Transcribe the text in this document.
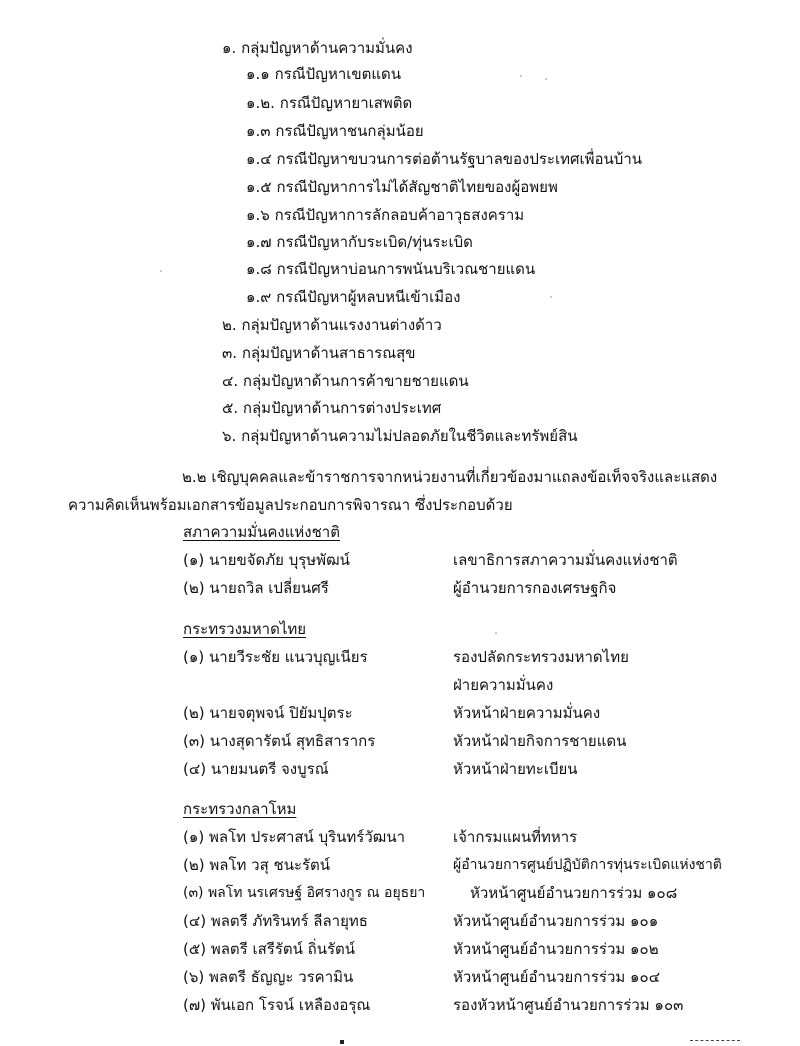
๑. กลุ่มปัญหาด้านความมั่นคง
๑.๑ กรณีปัญหาเขตแดน
๑.๒. กรณีปัญหายาเสพติด
๑.๓ กรณีปัญหาชนกลุ่มน้อย
๑.๔ กรณีปัญหาขบวนการต่อต้านรัฐบาลของประเทศเพื่อนบ้าน
๑.๕ กรณีปัญหาการไม่ได้สัญชาติไทยของผู้อพยพ
๑.๖ กรณีปัญหาการลักลอบค้าอาวุธสงคราม
๑.๗ กรณีปัญหากับระเบิด/ทุ่นระเบิด
๑.๘ กรณีปัญหาบ่อนการพนันบริเวณชายแดน
๑.๙ กรณีปัญหาผู้หลบหนีเข้าเมือง
๒. กลุ่มปัญหาด้านแรงงานต่างด้าว
๓. กลุ่มปัญหาด้านสาธารณสุข
๔. กลุ่มปัญหาด้านการค้าขายชายแดน
๕. กลุ่มปัญหาด้านการต่างประเทศ
๖. กลุ่มปัญหาด้านความไม่ปลอดภัยในชีวิตและทรัพย์สิน
๒.๒ เชิญบุคคลและข้าราชการจากหน่วยงานที่เกี่ยวข้องมาแถลงข้อเท็จจริงและแสดง
ความคิดเห็นพร้อมเอกสารข้อมูลประกอบการพิจารณา ซึ่งประกอบด้วย
สภาความมั่นคงแห่งชาติ
(๑) นายขจัดภัย บุรุษพัฒน์	เลขาธิการสภาความมั่นคงแห่งชาติ
(๒) นายถวิล เปลี่ยนศรี	ผู้อำนวยการกองเศรษฐกิจ
กระทรวงมหาดไทย
(๑) นายวีระชัย แนวบุญเนียร	รองปลัดกระทรวงมหาดไทย
ฝ่ายความมั่นคง
(๒) นายจตุพจน์ ปิยัมปุตระ	หัวหน้าฝ่ายความมั่นคง
(๓) นางสุดารัตน์ สุทธิสารากร	หัวหน้าฝ่ายกิจการชายแดน
(๔) นายมนตรี จงบูรณ์	หัวหน้าฝ่ายทะเบียน
กระทรวงกลาโหม
(๑) พลโท ประศาสน์ บุรินทร์วัฒนา	เจ้ากรมแผนที่ทหาร
(๒) พลโท วสุ ชนะรัตน์	ผู้อำนวยการศูนย์ปฏิบัติการทุ่นระเบิดแห่งชาติ
(๓) พลโท นรเศรษฐ์ อิศรางกูร ณ อยุธยา	หัวหน้าศูนย์อำนวยการร่วม ๑๐๘
(๔) พลตรี ภัทรินทร์ ลีลายุทธ	หัวหน้าศูนย์อำนวยการร่วม ๑๐๑
(๕) พลตรี เสรีรัตน์ ถิ่นรัตน์	หัวหน้าศูนย์อำนวยการร่วม ๑๐๒
(๖) พลตรี ธัญญะ วรคามิน	หัวหน้าศูนย์อำนวยการร่วม ๑๐๔
(๗) พันเอก โรจน์ เหลืองอรุณ	รองหัวหน้าศูนย์อำนวยการร่วม ๑๐๓
